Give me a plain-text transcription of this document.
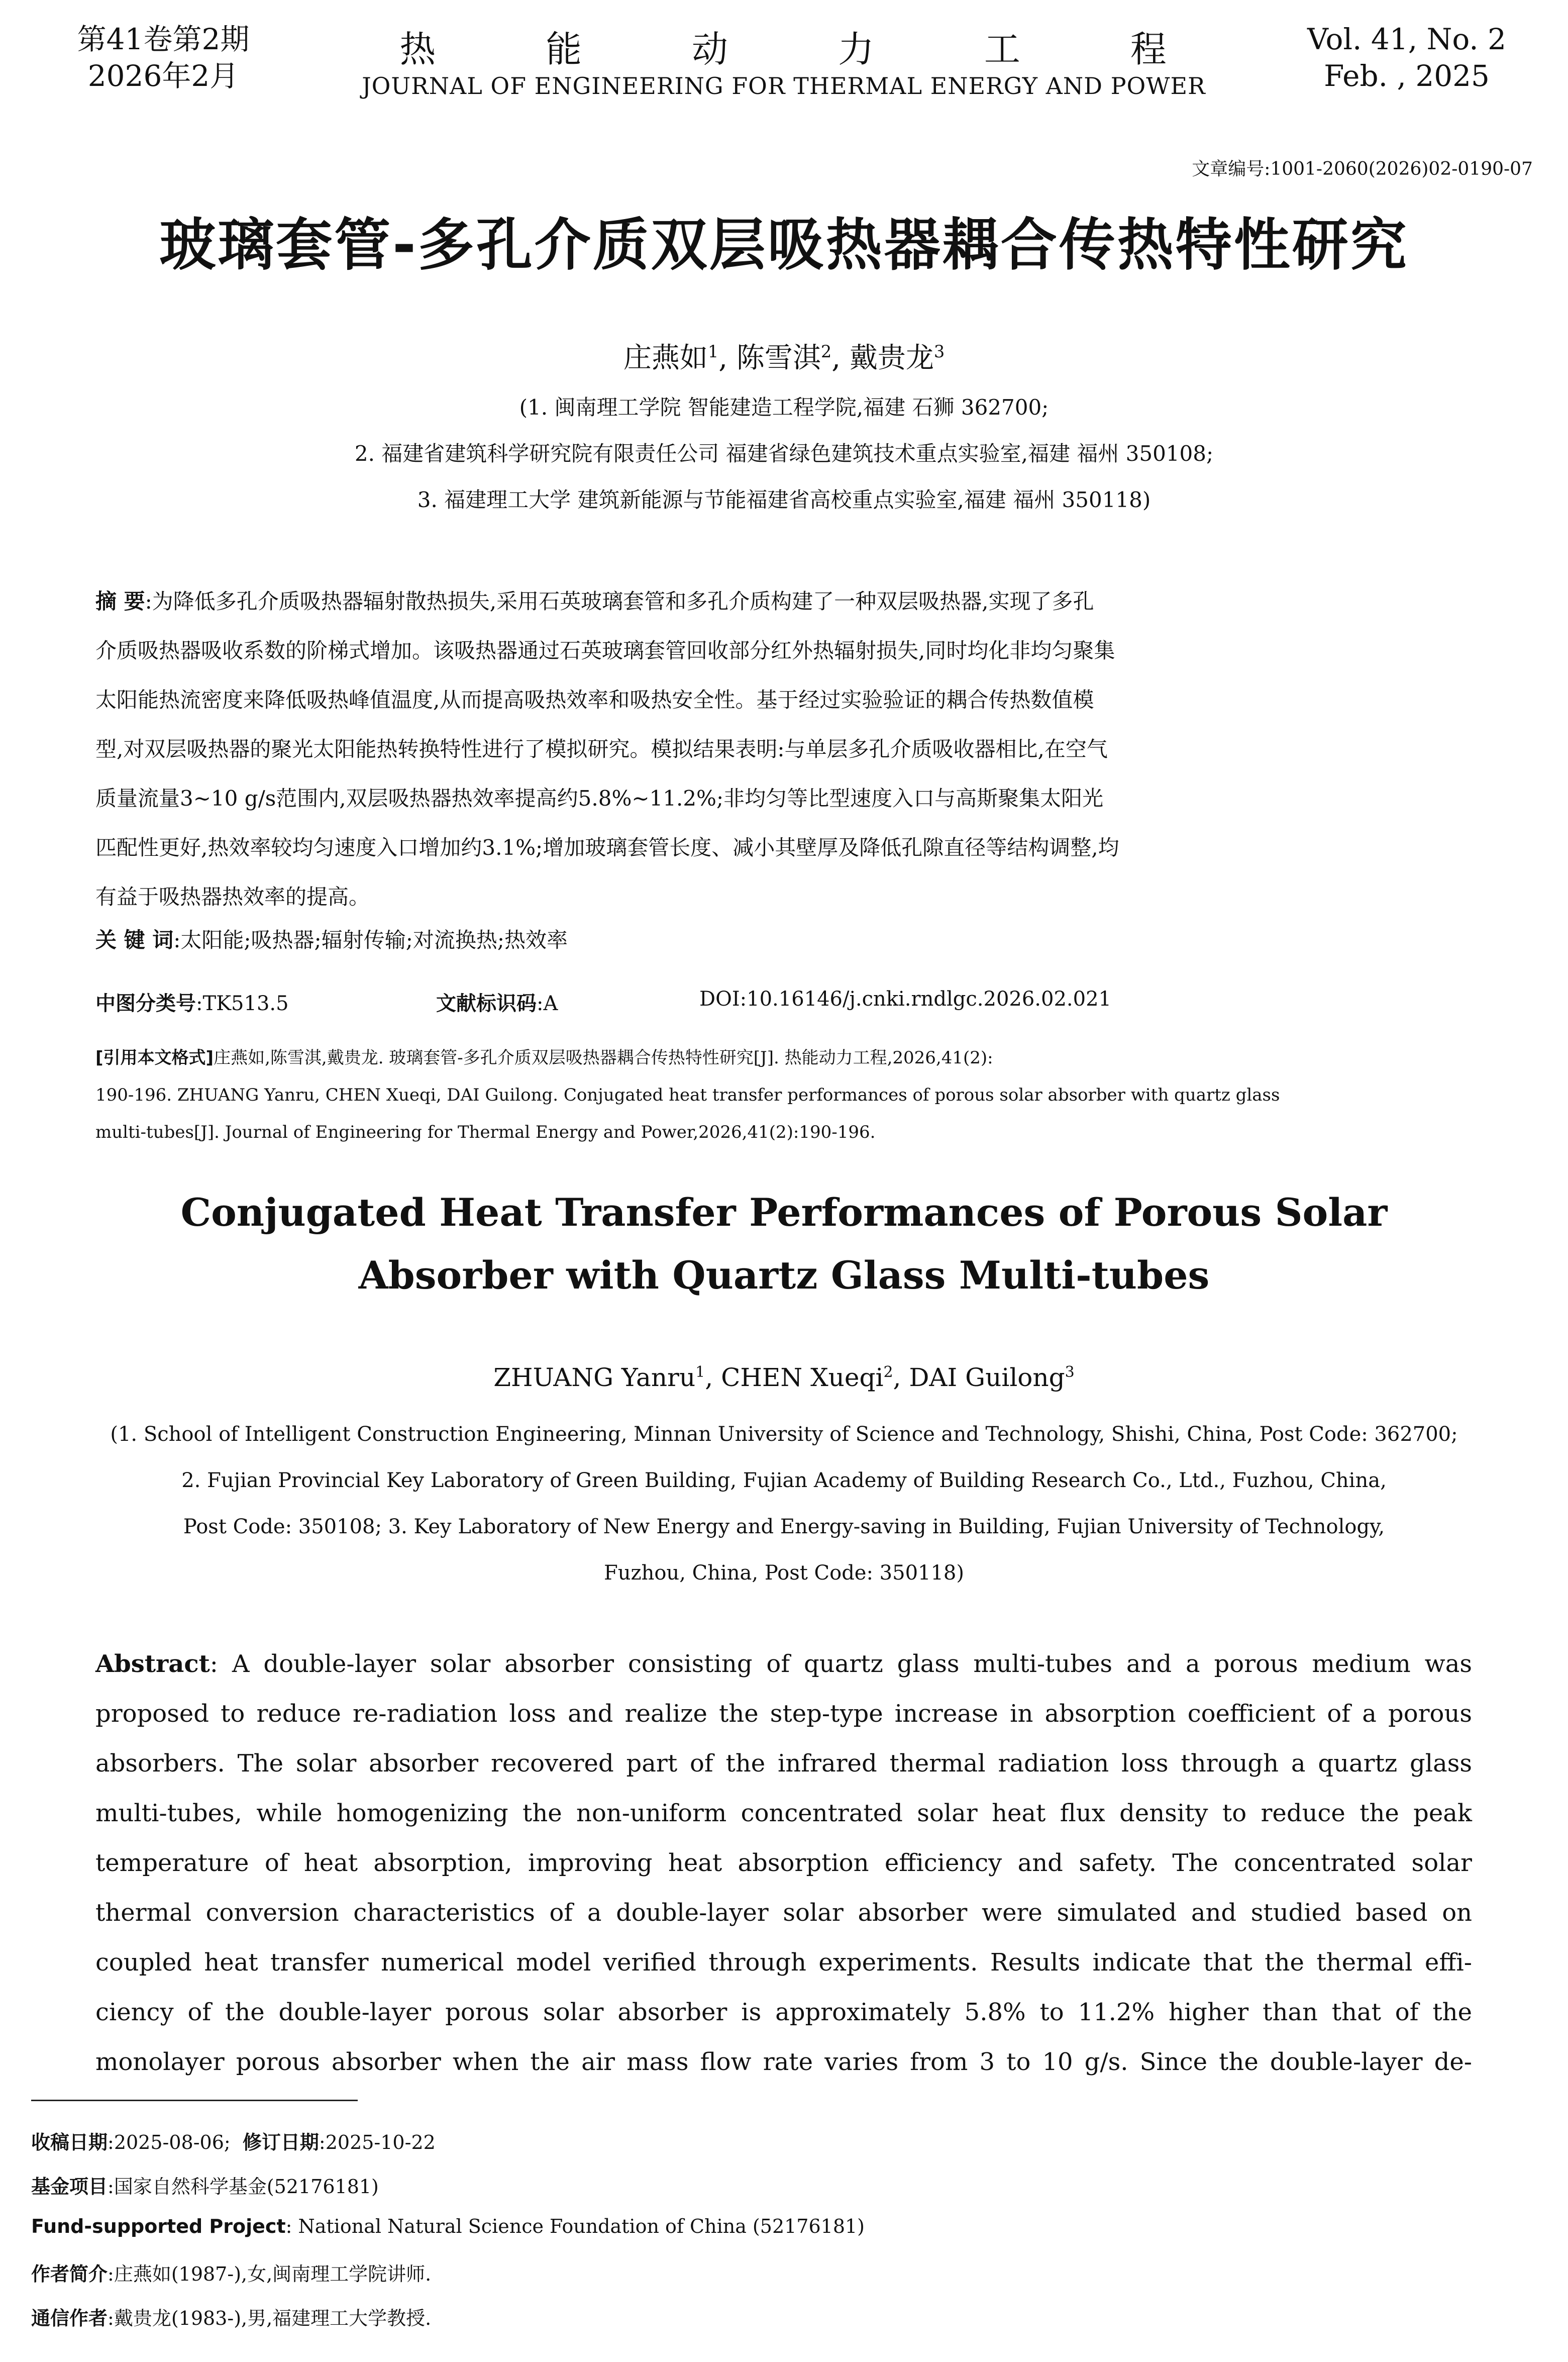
第41卷第2期
2026年2月
热 能 动 力 工 程
JOURNAL OF ENGINEERING FOR THERMAL ENERGY AND POWER
Vol. 41, No. 2
Feb. , 2025
文章编号:1001-2060(2026)02-0190-07
玻璃套管-多孔介质双层吸热器耦合传热特性研究
庄燕如$^1$, 陈雪淇$^2$, 戴贵龙$^3$
(1. 闽南理工学院 智能建造工程学院,福建 石狮 362700;
2. 福建省建筑科学研究院有限责任公司 福建省绿色建筑技术重点实验室,福建 福州 350108;
3. 福建理工大学 建筑新能源与节能福建省高校重点实验室,福建 福州 350118)
摘 要:为降低多孔介质吸热器辐射散热损失,采用石英玻璃套管和多孔介质构建了一种双层吸热器,实现了多孔
介质吸热器吸收系数的阶梯式增加。该吸热器通过石英玻璃套管回收部分红外热辐射损失,同时均化非均匀聚集
太阳能热流密度来降低吸热峰值温度,从而提高吸热效率和吸热安全性。基于经过实验验证的耦合传热数值模
型,对双层吸热器的聚光太阳能热转换特性进行了模拟研究。模拟结果表明:与单层多孔介质吸收器相比,在空气
质量流量3~10 g/s范围内,双层吸热器热效率提高约5.8%~11.2%;非均匀等比型速度入口与高斯聚集太阳光
匹配性更好,热效率较均匀速度入口增加约3.1%;增加玻璃套管长度、减小其壁厚及降低孔隙直径等结构调整,均
有益于吸热器热效率的提高。
关 键 词:太阳能;吸热器;辐射传输;对流换热;热效率
中图分类号:TK513.5	文献标识码:A	DOI:10.16146/j.cnki.rndlgc.2026.02.021
[引用本文格式]庄燕如,陈雪淇,戴贵龙. 玻璃套管-多孔介质双层吸热器耦合传热特性研究[J]. 热能动力工程,2026,41(2):
190-196. ZHUANG Yanru, CHEN Xueqi, DAI Guilong. Conjugated heat transfer performances of porous solar absorber with quartz glass
multi-tubes[J]. Journal of Engineering for Thermal Energy and Power,2026,41(2):190-196.
Conjugated Heat Transfer Performances of Porous Solar
Absorber with Quartz Glass Multi-tubes
ZHUANG Yanru$^1$, CHEN Xueqi$^2$, DAI Guilong$^3$
(1. School of Intelligent Construction Engineering, Minnan University of Science and Technology, Shishi, China, Post Code: 362700;
2. Fujian Provincial Key Laboratory of Green Building, Fujian Academy of Building Research Co., Ltd., Fuzhou, China,
Post Code: 350108; 3. Key Laboratory of New Energy and Energy-saving in Building, Fujian University of Technology,
Fuzhou, China, Post Code: 350118)
Abstract: A double-layer solar absorber consisting of quartz glass multi-tubes and a porous medium was
proposed to reduce re-radiation loss and realize the step-type increase in absorption coefficient of a porous
absorbers. The solar absorber recovered part of the infrared thermal radiation loss through a quartz glass
multi-tubes, while homogenizing the non-uniform concentrated solar heat flux density to reduce the peak
temperature of heat absorption, improving heat absorption efficiency and safety. The concentrated solar
thermal conversion characteristics of a double-layer solar absorber were simulated and studied based on
coupled heat transfer numerical model verified through experiments. Results indicate that the thermal effi-
ciency of the double-layer porous solar absorber is approximately 5.8% to 11.2% higher than that of the
monolayer porous absorber when the air mass flow rate varies from 3 to 10 g/s. Since the double-layer de-
收稿日期:2025-08-06; 修订日期:2025-10-22
基金项目:国家自然科学基金(52176181)
Fund-supported Project: National Natural Science Foundation of China (52176181)
作者简介:庄燕如(1987-),女,闽南理工学院讲师.
通信作者:戴贵龙(1983-),男,福建理工大学教授.
